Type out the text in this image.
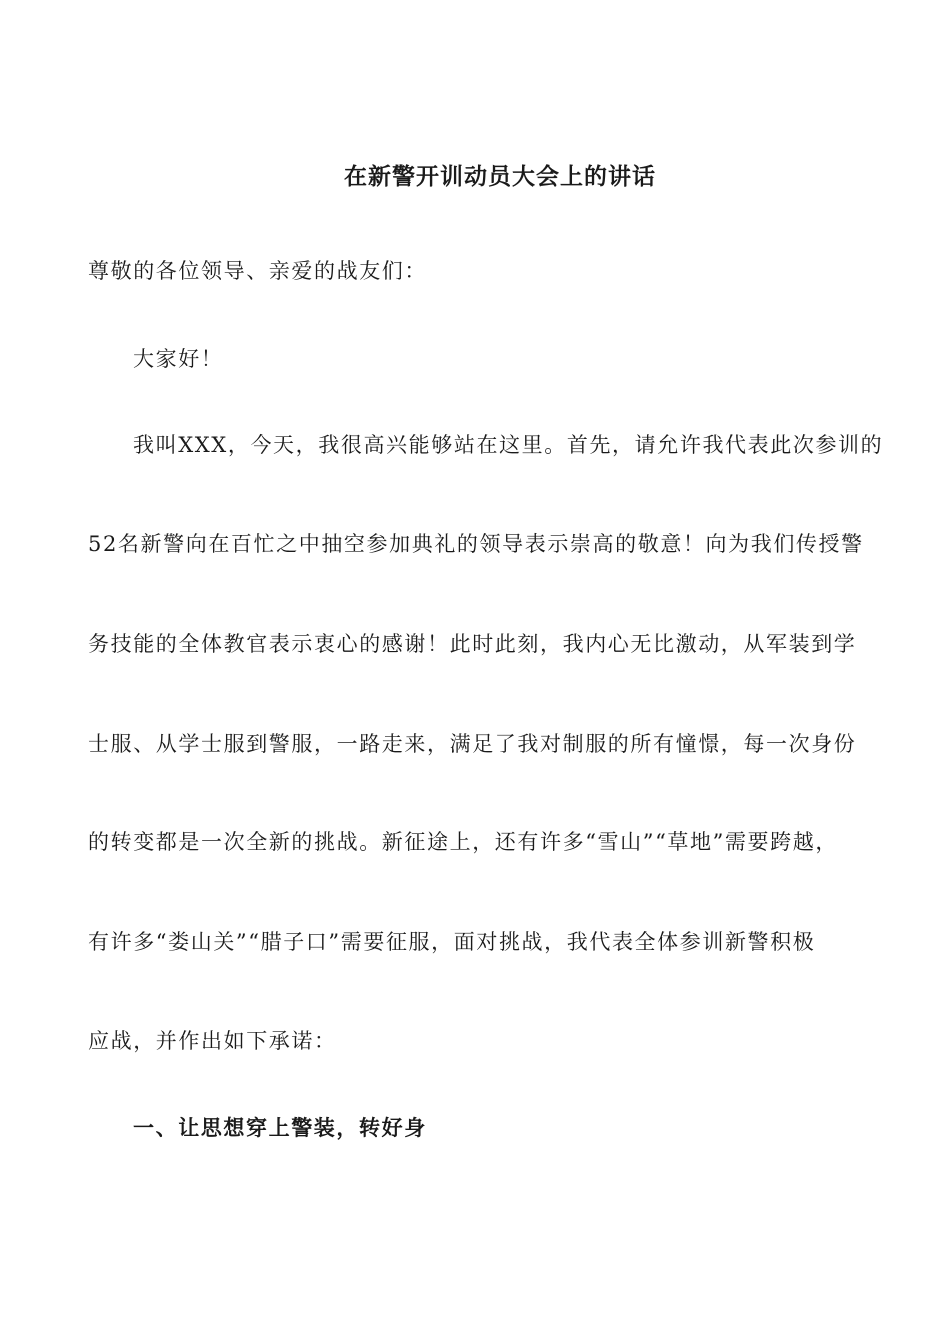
在新警开训动员大会上的讲话
尊敬的各位领导、亲爱的战友们：
大家好！
我叫XXX，今天，我很高兴能够站在这里。首先，请允许我代表此次参训的
52名新警向在百忙之中抽空参加典礼的领导表示崇高的敬意！向为我们传授警
务技能的全体教官表示衷心的感谢！此时此刻，我内心无比激动，从军装到学
士服、从学士服到警服，一路走来，满足了我对制服的所有憧憬，每一次身份
的转变都是一次全新的挑战。新征途上，还有许多“雪山”“草地”需要跨越，
有许多“娄山关”“腊子口”需要征服，面对挑战，我代表全体参训新警积极
应战，并作出如下承诺：
一、让思想穿上警装，转好身
